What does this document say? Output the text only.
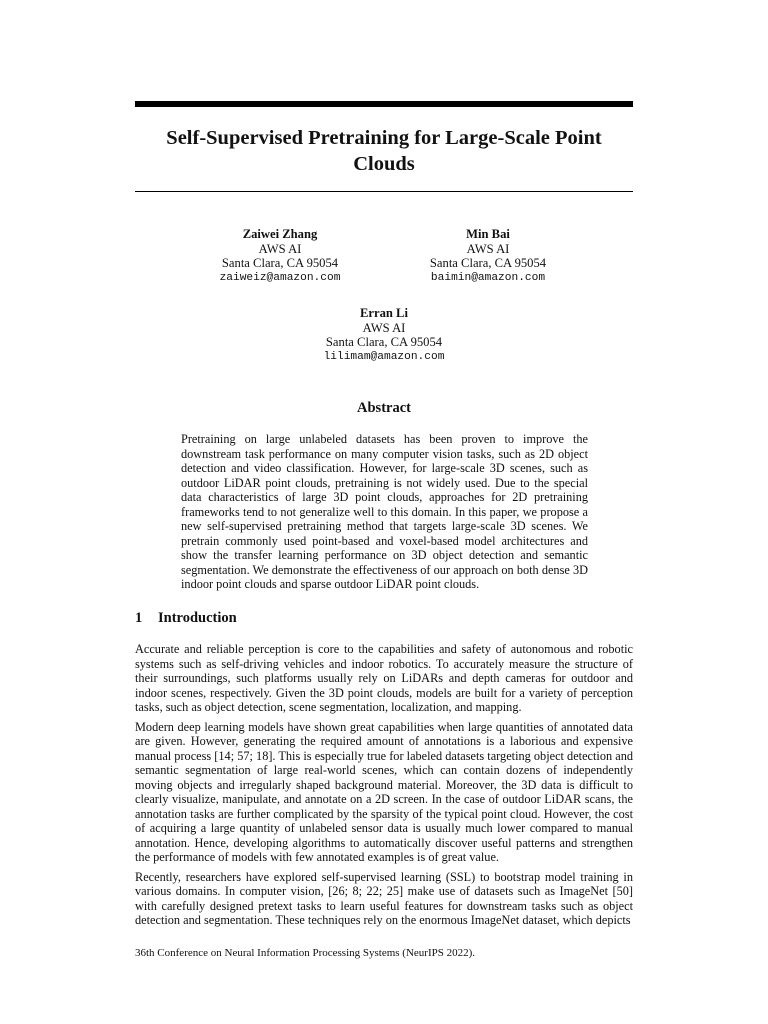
Self-Supervised Pretraining for Large-Scale Point Clouds
Zaiwei Zhang
AWS AI
Santa Clara, CA 95054
zaiweiz@amazon.com
Min Bai
AWS AI
Santa Clara, CA 95054
baimin@amazon.com
Erran Li
AWS AI
Santa Clara, CA 95054
lilimam@amazon.com
Abstract

Pretraining on large unlabeled datasets has been proven to improve the downstream task performance on many computer vision tasks, such as 2D object detection and video classification. However, for large-scale 3D scenes, such as outdoor LiDAR point clouds, pretraining is not widely used. Due to the special data characteristics of large 3D point clouds, approaches for 2D pretraining frameworks tend to not generalize well to this domain. In this paper, we propose a new self-supervised pretraining method that targets large-scale 3D scenes. We pretrain commonly used point-based and voxel-based model architectures and show the transfer learning performance on 3D object detection and semantic segmentation. We demonstrate the effectiveness of our approach on both dense 3D indoor point clouds and sparse outdoor LiDAR point clouds.

1 Introduction

Accurate and reliable perception is core to the capabilities and safety of autonomous and robotic systems such as self-driving vehicles and indoor robotics. To accurately measure the structure of their surroundings, such platforms usually rely on LiDARs and depth cameras for outdoor and indoor scenes, respectively. Given the 3D point clouds, models are built for a variety of perception tasks, such as object detection, scene segmentation, localization, and mapping.

Modern deep learning models have shown great capabilities when large quantities of annotated data are given. However, generating the required amount of annotations is a laborious and expensive manual process [14; 57; 18]. This is especially true for labeled datasets targeting object detection and semantic segmentation of large real-world scenes, which can contain dozens of independently moving objects and irregularly shaped background material. Moreover, the 3D data is difficult to clearly visualize, manipulate, and annotate on a 2D screen. In the case of outdoor LiDAR scans, the annotation tasks are further complicated by the sparsity of the typical point cloud. However, the cost of acquiring a large quantity of unlabeled sensor data is usually much lower compared to manual annotation. Hence, developing algorithms to automatically discover useful patterns and strengthen the performance of models with few annotated examples is of great value.

Recently, researchers have explored self-supervised learning (SSL) to bootstrap model training in various domains. In computer vision, [26; 8; 22; 25] make use of datasets such as ImageNet [50] with carefully designed pretext tasks to learn useful features for downstream tasks such as object detection and segmentation. These techniques rely on the enormous ImageNet dataset, which depicts

36th Conference on Neural Information Processing Systems (NeurIPS 2022).
